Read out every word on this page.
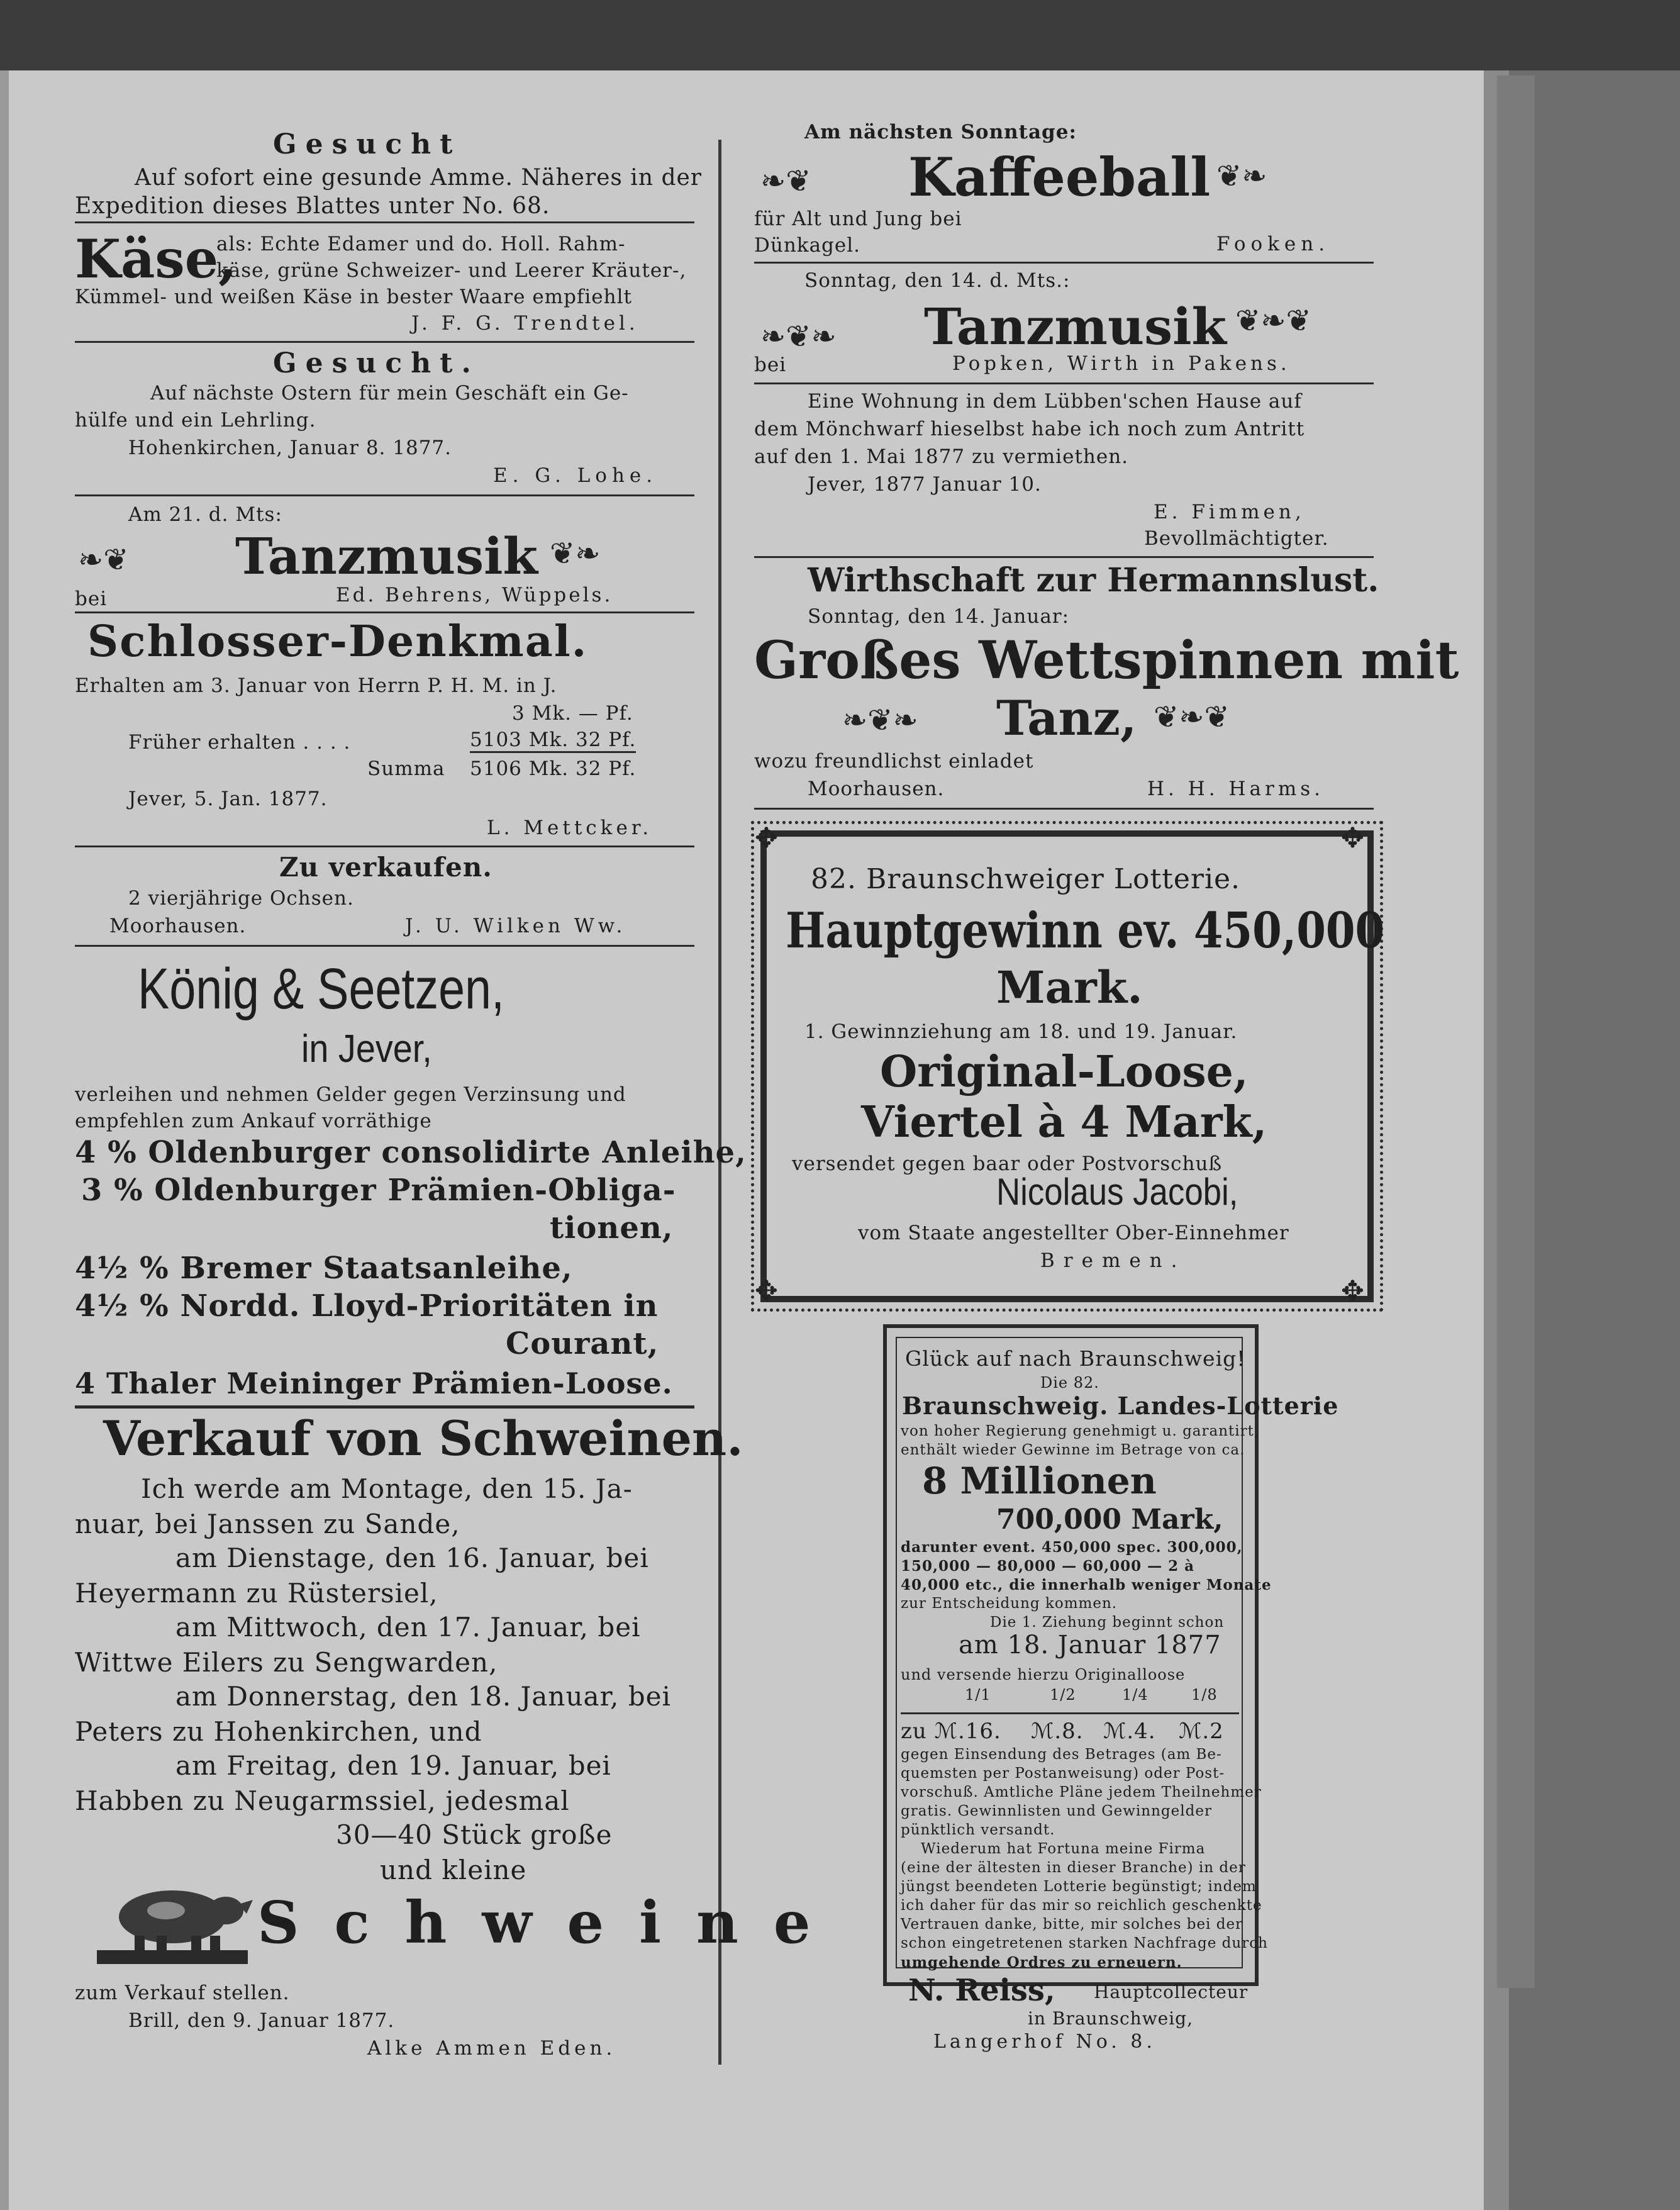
Gesucht
Auf sofort eine gesunde Amme. Näheres in der
Expedition dieses Blattes unter No. 68.
Käse,
als: Echte Edamer und do. Holl. Rahm-
käse, grüne Schweizer- und Leerer Kräuter-,
Kümmel- und weißen Käse in bester Waare empfiehlt
J. F. G. Trendtel.
Gesucht.
Auf nächste Ostern für mein Geschäft ein Ge-
hülfe und ein Lehrling.
Hohenkirchen, Januar 8. 1877.
E. G. Lohe.
Am 21. d. Mts:
❧❦ Tanzmusik ❦❧
bei	Ed. Behrens, Wüppels.
Schlosser-Denkmal.
Erhalten am 3. Januar von Herrn P. H. M. in J.
3 Mk. — Pf.
Früher erhalten . . . .	5103 Mk. 32 Pf.
Summa 5106 Mk. 32 Pf.
Jever, 5. Jan. 1877.
L. Mettcker.
Zu verkaufen.
2 vierjährige Ochsen.
Moorhausen.	J. U. Wilken Ww.
König & Seetzen,
in Jever,
verleihen und nehmen Gelder gegen Verzinsung und
empfehlen zum Ankauf vorräthige
4 % Oldenburger consolidirte Anleihe,
3 % Oldenburger Prämien-Obliga-
tionen,
4½ % Bremer Staatsanleihe,
4½ % Nordd. Lloyd-Prioritäten in
Courant,
4 Thaler Meininger Prämien-Loose.
Verkauf von Schweinen.
Ich werde am Montage, den 15. Ja-
nuar, bei Janssen zu Sande,
am Dienstage, den 16. Januar, bei
Heyermann zu Rüstersiel,
am Mittwoch, den 17. Januar, bei
Wittwe Eilers zu Sengwarden,
am Donnerstag, den 18. Januar, bei
Peters zu Hohenkirchen, und
am Freitag, den 19. Januar, bei
Habben zu Neugarmssiel, jedesmal
30—40 Stück große
und kleine
Schweine
zum Verkauf stellen.
Brill, den 9. Januar 1877.
Alke Ammen Eden.
Am nächsten Sonntage:
❧❦ Kaffeeball ❦❧
für Alt und Jung bei
Dünkagel.	Fooken.
Sonntag, den 14. d. Mts.:
❧❦❧ Tanzmusik ❦❧❦
bei	Popken, Wirth in Pakens.
Eine Wohnung in dem Lübben'schen Hause auf
dem Mönchwarf hieselbst habe ich noch zum Antritt
auf den 1. Mai 1877 zu vermiethen.
Jever, 1877 Januar 10.
E. Fimmen,
Bevollmächtigter.
Wirthschaft zur Hermannslust.
Sonntag, den 14. Januar:
Großes Wettspinnen mit
❧❦❧ Tanz, ❦❧❦
wozu freundlichst einladet
Moorhausen.	H. H. Harms.
✥	✥
✥	✥
82. Braunschweiger Lotterie.
Hauptgewinn ev. 450,000
Mark.
1. Gewinnziehung am 18. und 19. Januar.
Original-Loose,
Viertel à 4 Mark,
versendet gegen baar oder Postvorschuß
Nicolaus Jacobi,
vom Staate angestellter Ober-Einnehmer
Bremen.
Glück auf nach Braunschweig!
Die 82.
Braunschweig. Landes-Lotterie
von hoher Regierung genehmigt u. garantirt,
enthält wieder Gewinne im Betrage von ca.
8 Millionen
700,000 Mark,
darunter event. 450,000 spec. 300,000,
150,000 — 80,000 — 60,000 — 2 à
40,000 etc., die innerhalb weniger Monate
zur Entscheidung kommen.
Die 1. Ziehung beginnt schon
am 18. Januar 1877
und versende hierzu Originalloose
1/1	1/2	1/4	1/8
zu ℳ.16. ℳ.8. ℳ.4. ℳ.2
gegen Einsendung des Betrages (am Be-
quemsten per Postanweisung) oder Post-
vorschuß. Amtliche Pläne jedem Theilnehmer
gratis. Gewinnlisten und Gewinngelder
pünktlich versandt.
Wiederum hat Fortuna meine Firma
(eine der ältesten in dieser Branche) in der
jüngst beendeten Lotterie begünstigt; indem
ich daher für das mir so reichlich geschenkte
Vertrauen danke, bitte, mir solches bei der
schon eingetretenen starken Nachfrage durch
umgehende Ordres zu erneuern.
N. Reiss, Hauptcollecteur
in Braunschweig,
Langerhof No. 8.
